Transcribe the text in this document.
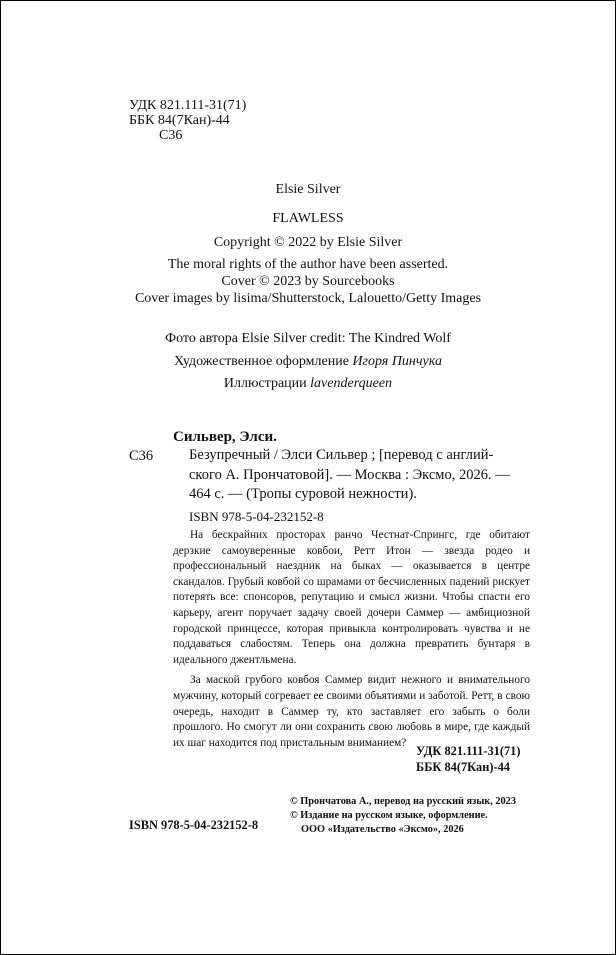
УДК 821.111-31(71)
ББК 84(7Кан)-44
С36
Elsie Silver
FLAWLESS
Copyright © 2022 by Elsie Silver
The moral rights of the author have been asserted.
Cover © 2023 by Sourcebooks
Cover images by lisima/Shutterstock, Lalouetto/Getty Images
Фото автора Elsie Silver credit: The Kindred Wolf
Художественное оформление Игоря Пинчука
Иллюстрации lavenderqueen
Сильвер, Элси.
С36 Безупречный / Элси Сильвер ; [перевод с англий-
ского А. Прончатовой]. — Москва : Эксмо, 2026. —
464 с. — (Тропы суровой нежности).
ISBN 978-5-04-232152-8

На бескрайних просторах ранчо Честнат-Спрингс, где обитают дерзкие самоуверенные ковбои, Ретт Итон — звезда родео и профессиональный наездник на быках — оказывается в центре скандалов. Грубый ковбой со шрамами от бесчисленных падений рискует потерять все: спонсоров, репутацию и смысл жизни. Чтобы спасти его карьеру, агент поручает задачу своей дочери Саммер — амбициозной городской принцессе, которая привыкла контролировать чувства и не поддаваться слабостям. Теперь она должна превратить бунтаря в идеального джентльмена.

За маской грубого ковбоя Саммер видит нежного и внимательного мужчину, который согревает ее своими объятиями и заботой. Ретт, в свою очередь, находит в Саммер ту, кто заставляет его забыть о боли прошлого. Но смогут ли они сохранить свою любовь в мире, где каждый их шаг находится под пристальным вниманием?

УДК 821.111-31(71)
ББК 84(7Кан)-44
© Прончатова А., перевод на русский язык, 2023
© Издание на русском языке, оформление.
ООО «Издательство «Эксмо», 2026
ISBN 978-5-04-232152-8
